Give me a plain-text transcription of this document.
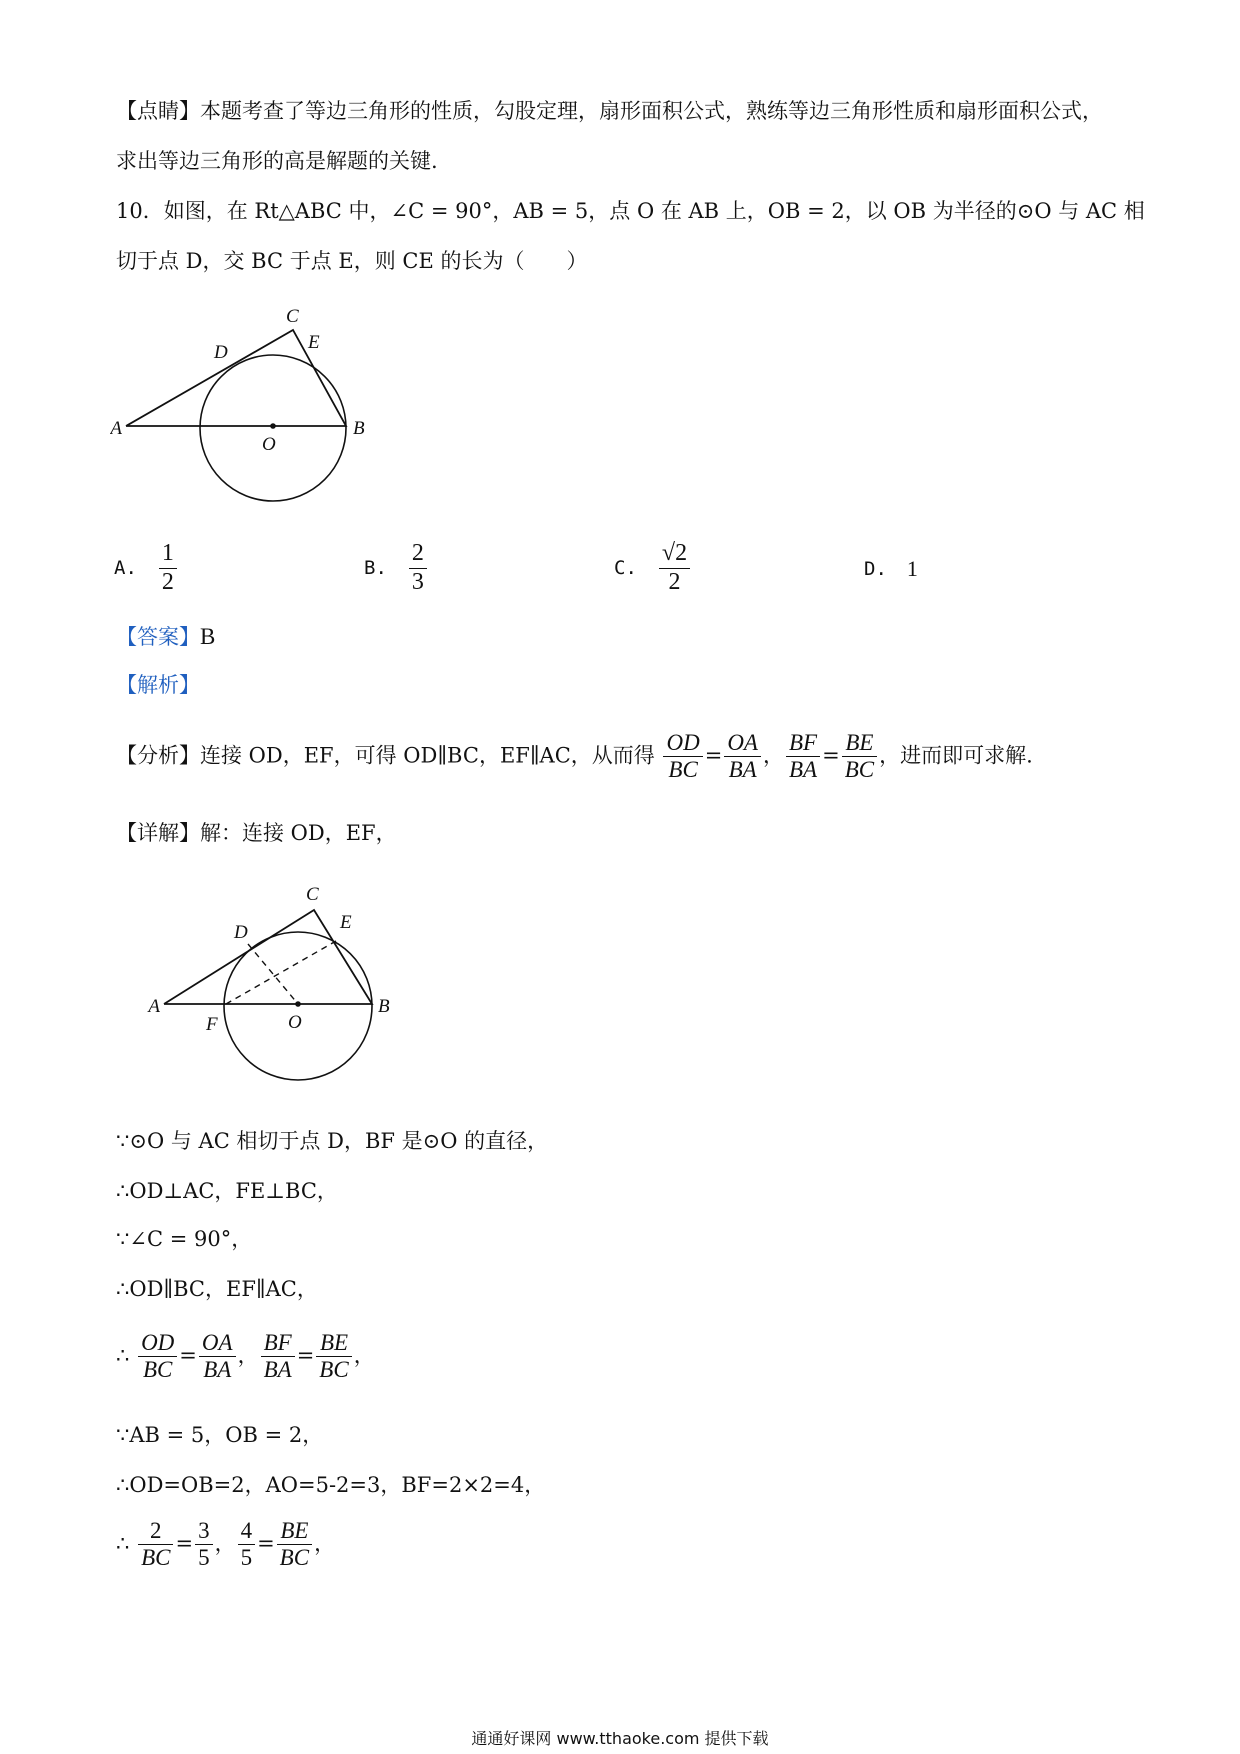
【点睛】本题考查了等边三角形的性质，勾股定理，扇形面积公式，熟练等边三角形性质和扇形面积公式，
求出等边三角形的高是解题的关键.
10．如图，在 Rt△ABC 中，∠C = 90°，AB = 5，点 O 在 AB 上，OB = 2，以 OB 为半径的⊙O 与 AC 相
切于点 D，交 BC 于点 E，则 CE 的长为（　　）
A	B
C
D	E
O
A. $\frac{1}{2}$	B. $\frac{2}{3}$	C. $\frac{√2}{2}$	D. 1
【答案】B
【解析】
【分析】连接 OD，EF，可得 OD∥BC，EF∥AC，从而得 $\frac{OD}{BC} = \frac{OA}{BA}$ ， $\frac{BF}{BA} = \frac{BE}{BC}$ ，进而即可求解.
【详解】解：连接 OD，EF，
A	B
C
D	E
F	O
∵⊙O 与 AC 相切于点 D，BF 是⊙O 的直径，
∴OD⊥AC，FE⊥BC，
∵∠C = 90°，
∴OD∥BC，EF∥AC，
∴ $\frac{OD}{BC} = \frac{OA}{BA}$ ， $\frac{BF}{BA} = \frac{BE}{BC}$ ，
∵AB = 5，OB = 2，
∴OD=OB=2，AO=5-2=3，BF=2×2=4，
∴ $\frac{2}{BC} = \frac{3}{5}$ ， $\frac{4}{5} = \frac{BE}{BC}$ ，
通通好课网 www.tthaoke.com 提供下载
